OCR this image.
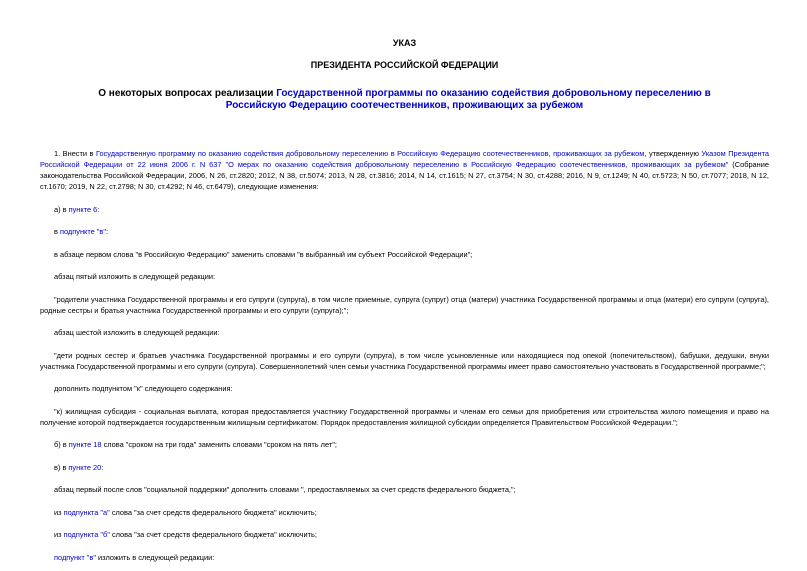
УКАЗ
ПРЕЗИДЕНТА РОССИЙСКОЙ ФЕДЕРАЦИИ
О некоторых вопросах реализации Государственной программы по оказанию содействия добровольному переселению в Российскую Федерацию соотечественников, проживающих за рубежом
1. Внести в Государственную программу по оказанию содействия добровольному переселению в Российскую Федерацию соотечественников, проживающих за рубежом, утвержденную Указом Президента Российской Федерации от 22 июня 2006 г. N 637 "О мерах по оказанию содействия добровольному переселению в Российскую Федерацию соотечественников, проживающих за рубежом" (Собрание законодательства Российской Федерации, 2006, N 26, ст.2820; 2012, N 38, ст.5074; 2013, N 28, ст.3816; 2014, N 14, ст.1615; N 27, ст.3754; N 30, ст.4288; 2016, N 9, ст.1249; N 40, ст.5723; N 50, ст.7077; 2018, N 12, ст.1670; 2019, N 22, ст.2798; N 30, ст.4292; N 46, ст.6479), следующие изменения:
а) в пункте 6:
в подпункте "в":
в абзаце первом слова "в Российскую Федерацию" заменить словами "в выбранный им субъект Российской Федерации";
абзац пятый изложить в следующей редакции:
"родители участника Государственной программы и его супруги (супруга), в том числе приемные, супруга (супруг) отца (матери) участника Государственной программы и отца (матери) его супруги (супруга), родные сестры и братья участника Государственной программы и его супруги (супруга);";
абзац шестой изложить в следующей редакции:
"дети родных сестер и братьев участника Государственной программы и его супруги (супруга), в том числе усыновленные или находящиеся под опекой (попечительством), бабушки, дедушки, внуки участника Государственной программы и его супруги (супруга). Совершеннолетний член семьи участника Государственной программы имеет право самостоятельно участвовать в Государственной программе;";
дополнить подпунктом "к" следующего содержания:
"к) жилищная субсидия - социальная выплата, которая предоставляется участнику Государственной программы и членам его семьи для приобретения или строительства жилого помещения и право на получение которой подтверждается государственным жилищным сертификатом. Порядок предоставления жилищной субсидии определяется Правительством Российской Федерации.";
б) в пункте 18 слова "сроком на три года" заменить словами "сроком на пять лет";
в) в пункте 20:
абзац первый после слов "социальной поддержки" дополнить словами ", предоставляемых за счет средств федерального бюджета,";
из подпункта "а" слова "за счет средств федерального бюджета" исключить;
из подпункта "б" слова "за счет средств федерального бюджета" исключить;
подпункт "в" изложить в следующей редакции:
